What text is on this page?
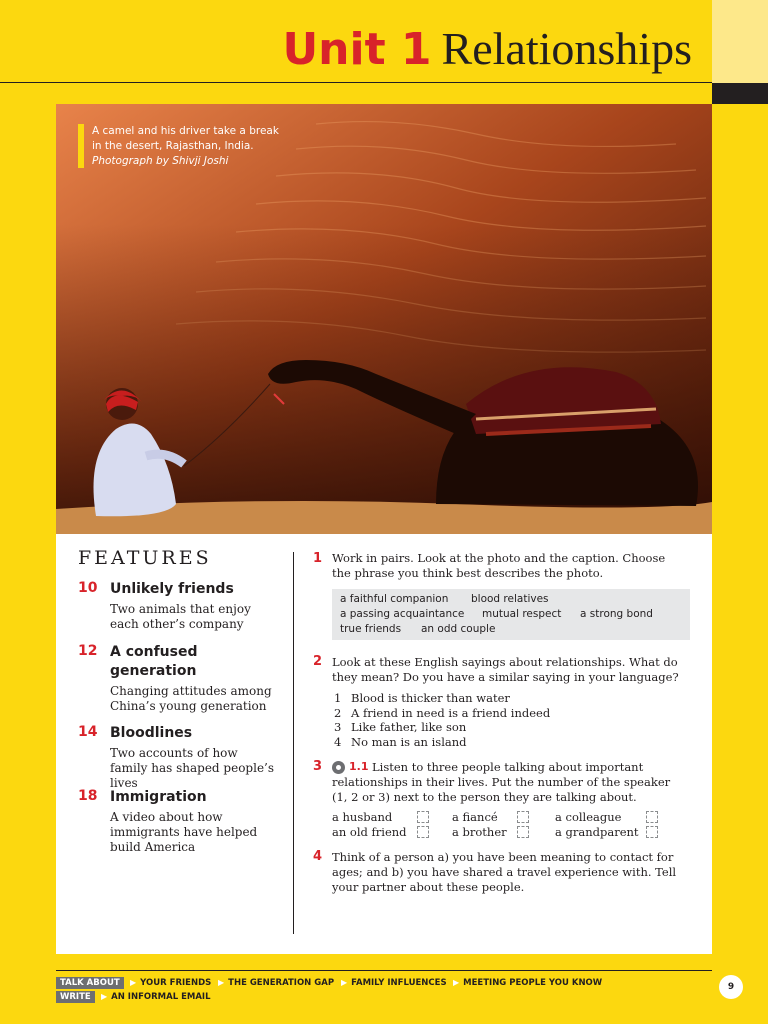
Unit 1 Relationships
A camel and his driver take a break
in the desert, Rajasthan, India.
Photograph by Shivji Joshi
FEATURES
10 Unlikely friends
Two animals that enjoy each other’s company
12 A confused generation
Changing attitudes among China’s young generation
14 Bloodlines
Two accounts of how family has shaped people’s lives
18 Immigration
A video about how immigrants have helped build America
1 Work in pairs. Look at the photo and the caption. Choose the phrase you think best describes the photo.

a faithful companion blood relatives
a passing acquaintance mutual respect a strong bond
true friends an odd couple
2 Look at these English sayings about relationships. What do they mean? Do you have a similar saying in your language?

1 Blood is thicker than water
2 A friend in need is a friend indeed
3 Like father, like son
4 No man is an island
3 1.1 Listen to three people talking about important relationships in their lives. Put the number of the speaker (1, 2 or 3) next to the person they are talking about.

a husband	a fiancé	a colleague
an old friend	a brother	a grandparent
4 Think of a person a) you have been meaning to contact for ages; and b) you have shared a travel experience with. Tell your partner about these people.

TALK ABOUT	▶ YOUR FRIENDS ▶ THE GENERATION GAP ▶ FAMILY INFLUENCES ▶ MEETING PEOPLE YOU KNOW
WRITE	▶ AN INFORMAL EMAIL
9
